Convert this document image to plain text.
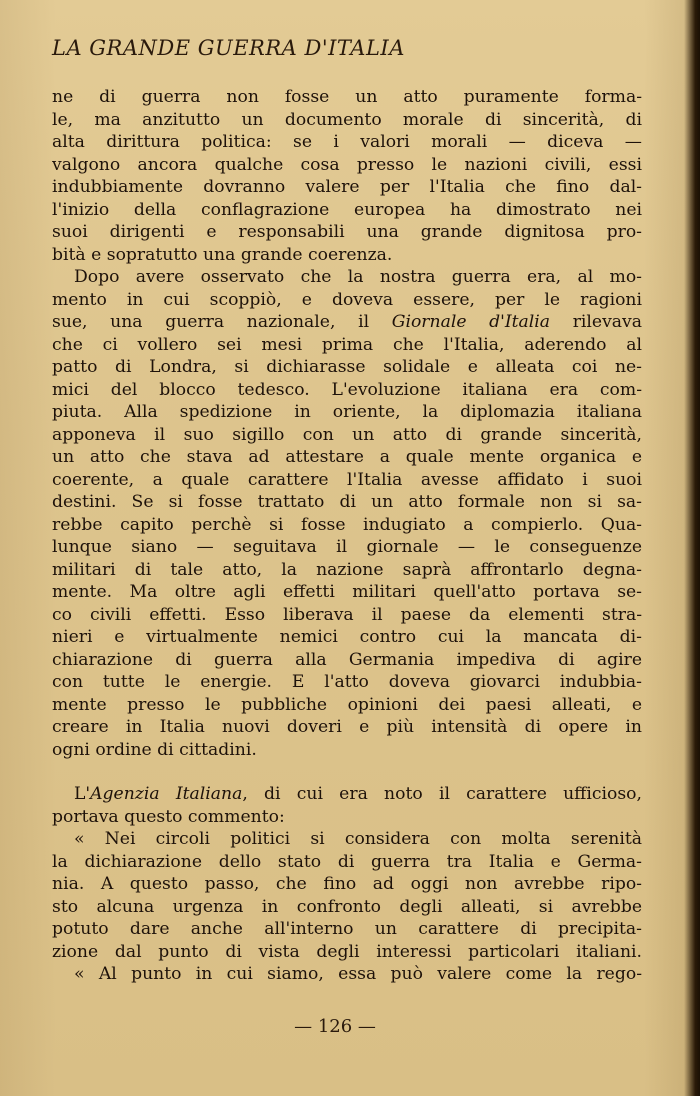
LA GRANDE GUERRA D'ITALIA

ne di guerra non fosse un atto puramente forma-
le, ma anzitutto un documento morale di sincerità, di
alta dirittura politica: se i valori morali — diceva —
valgono ancora qualche cosa presso le nazioni civili, essi
indubbiamente dovranno valere per l'Italia che fino dal-
l'inizio della conflagrazione europea ha dimostrato nei
suoi dirigenti e responsabili una grande dignitosa pro-
bità e sopratutto una grande coerenza.

Dopo avere osservato che la nostra guerra era, al mo-
mento in cui scoppiò, e doveva essere, per le ragioni
sue, una guerra nazionale, il Giornale d'Italia rilevava
che ci vollero sei mesi prima che l'Italia, aderendo al
patto di Londra, si dichiarasse solidale e alleata coi ne-
mici del blocco tedesco. L'evoluzione italiana era com-
piuta. Alla spedizione in oriente, la diplomazia italiana
apponeva il suo sigillo con un atto di grande sincerità,
un atto che stava ad attestare a quale mente organica e
coerente, a quale carattere l'Italia avesse affidato i suoi
destini. Se si fosse trattato di un atto formale non si sa-
rebbe capito perchè si fosse indugiato a compierlo. Qua-
lunque siano — seguitava il giornale — le conseguenze
militari di tale atto, la nazione saprà affrontarlo degna-
mente. Ma oltre agli effetti militari quell'atto portava se-
co civili effetti. Esso liberava il paese da elementi stra-
nieri e virtualmente nemici contro cui la mancata di-
chiarazione di guerra alla Germania impediva di agire
con tutte le energie. E l'atto doveva giovarci indubbia-
mente presso le pubbliche opinioni dei paesi alleati, e
creare in Italia nuovi doveri e più intensità di opere in
ogni ordine di cittadini.

L'Agenzia Italiana, di cui era noto il carattere ufficioso,
portava questo commento:

« Nei circoli politici si considera con molta serenità
la dichiarazione dello stato di guerra tra Italia e Germa-
nia. A questo passo, che fino ad oggi non avrebbe ripo-
sto alcuna urgenza in confronto degli alleati, si avrebbe
potuto dare anche all'interno un carattere di precipita-
zione dal punto di vista degli interessi particolari italiani.

« Al punto in cui siamo, essa può valere come la rego-

— 126 —
